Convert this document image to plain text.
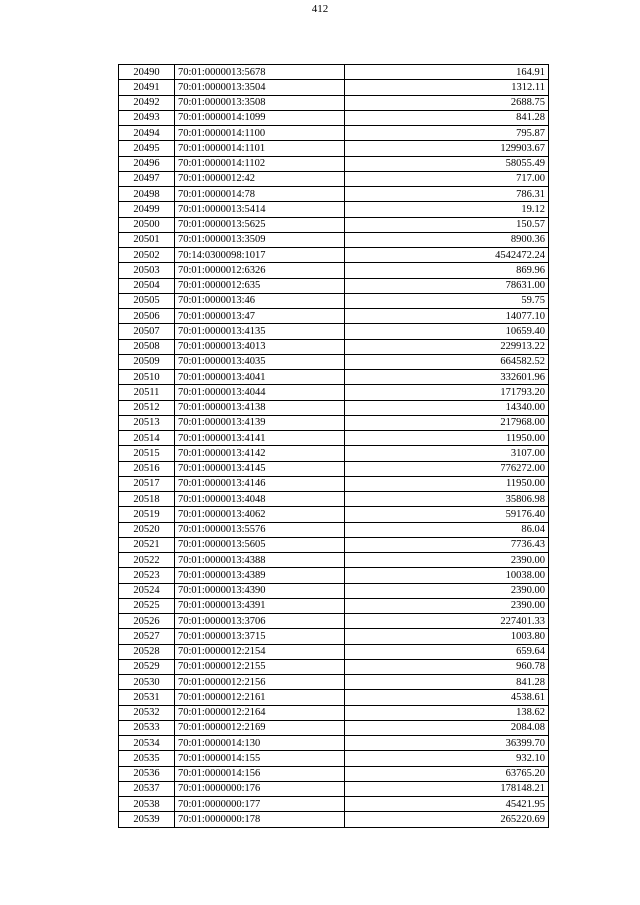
412
20490	70:01:0000013:5678	164.91
20491	70:01:0000013:3504	1312.11
20492	70:01:0000013:3508	2688.75
20493	70:01:0000014:1099	841.28
20494	70:01:0000014:1100	795.87
20495	70:01:0000014:1101	129903.67
20496	70:01:0000014:1102	58055.49
20497	70:01:0000012:42	717.00
20498	70:01:0000014:78	786.31
20499	70:01:0000013:5414	19.12
20500	70:01:0000013:5625	150.57
20501	70:01:0000013:3509	8900.36
20502	70:14:0300098:1017	4542472.24
20503	70:01:0000012:6326	869.96
20504	70:01:0000012:635	78631.00
20505	70:01:0000013:46	59.75
20506	70:01:0000013:47	14077.10
20507	70:01:0000013:4135	10659.40
20508	70:01:0000013:4013	229913.22
20509	70:01:0000013:4035	664582.52
20510	70:01:0000013:4041	332601.96
20511	70:01:0000013:4044	171793.20
20512	70:01:0000013:4138	14340.00
20513	70:01:0000013:4139	217968.00
20514	70:01:0000013:4141	11950.00
20515	70:01:0000013:4142	3107.00
20516	70:01:0000013:4145	776272.00
20517	70:01:0000013:4146	11950.00
20518	70:01:0000013:4048	35806.98
20519	70:01:0000013:4062	59176.40
20520	70:01:0000013:5576	86.04
20521	70:01:0000013:5605	7736.43
20522	70:01:0000013:4388	2390.00
20523	70:01:0000013:4389	10038.00
20524	70:01:0000013:4390	2390.00
20525	70:01:0000013:4391	2390.00
20526	70:01:0000013:3706	227401.33
20527	70:01:0000013:3715	1003.80
20528	70:01:0000012:2154	659.64
20529	70:01:0000012:2155	960.78
20530	70:01:0000012:2156	841.28
20531	70:01:0000012:2161	4538.61
20532	70:01:0000012:2164	138.62
20533	70:01:0000012:2169	2084.08
20534	70:01:0000014:130	36399.70
20535	70:01:0000014:155	932.10
20536	70:01:0000014:156	63765.20
20537	70:01:0000000:176	178148.21
20538	70:01:0000000:177	45421.95
20539	70:01:0000000:178	265220.69
